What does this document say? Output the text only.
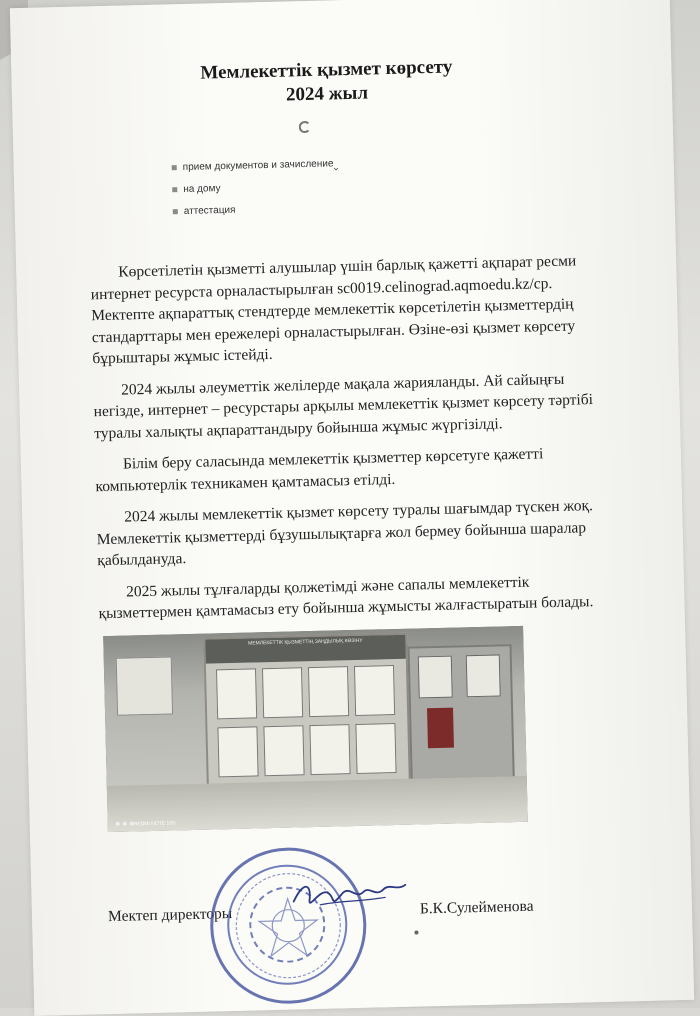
Мемлекеттік қызмет көрсету
2024 жыл
прием документов и зачисление
на дому
аттестация
⌄

Көрсетілетін қызметті алушылар үшін барлық қажетті ақпарат ресми интернет ресурста орналастырылған sc0019.celinograd.aqmoedu.kz/cp. Мектепте ақпараттық стендтерде мемлекеттік көрсетілетін қызметтердің стандарттары мен ережелері орналастырылған. Өзіне-өзі қызмет көрсету бұрыштары жұмыс істейді.

2024 жылы әлеуметтік желілерде мақала жарияланды. Ай сайыңғы негізде, интернет – ресурстары арқылы мемлекеттік қызмет көрсету тәртібі туралы халықты ақпараттандыру бойынша жұмыс жүргізілді.

Білім беру саласында мемлекеттік қызметтер көрсетуге қажетті компьютерлік техникамен қамтамасыз етілді.

2024 жылы мемлекеттік қызмет көрсету туралы шағымдар түскен жоқ. Мемлекеттік қызметтерді бұзушылықтарға жол бермеу бойынша шаралар қабылдануда.

2025 жылы тұлғаларды қолжетімді және сапалы мемлекеттік қызметтермен қамтамасыз ету бойынша жұмысты жалғастыратын болады.

МЕМЛЕКЕТТІК ҚЫЗМЕТТІҢ ЗАҢДЫЛЫҚ КӨЗІНУ
REDMI NOTE 10S
Мектеп директоры	Б.К.Сулейменова
